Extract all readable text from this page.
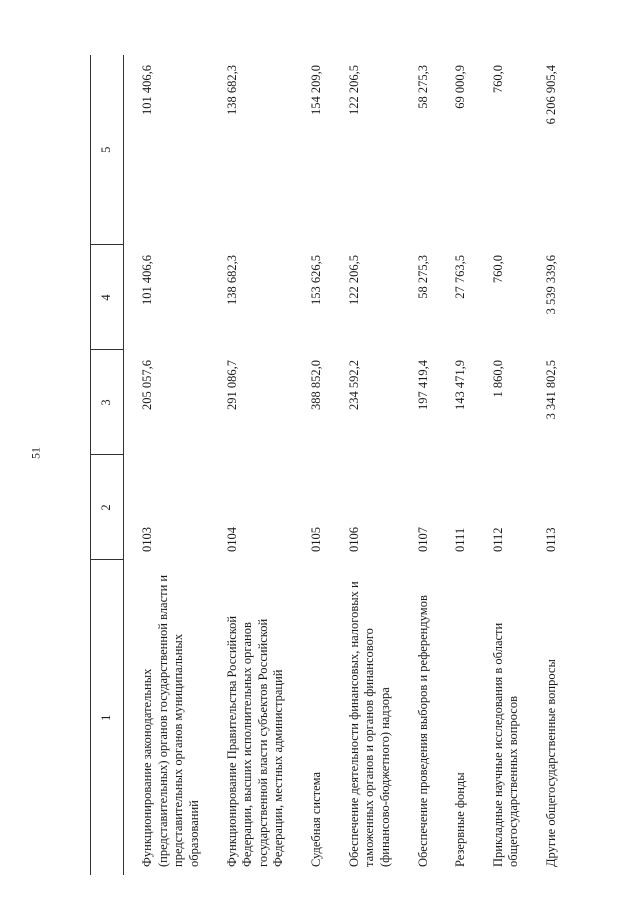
51
1	2	3	4	5
Функционирование законодательных (представительных) органов государственной власти и представительных органов муниципальных образований	0103	205 057,6	101 406,6	101 406,6
Функционирование Правительства Российской Федерации, высших исполнительных органов государственной власти субъектов Российской Федерации, местных администраций	0104	291 086,7	138 682,3	138 682,3
Судебная система	0105	388 852,0	153 626,5	154 209,0
Обеспечение деятельности финансовых, налоговых и таможенных органов и органов финансового (финансово-бюджетного) надзора	0106	234 592,2	122 206,5	122 206,5
Обеспечение проведения выборов и референдумов	0107	197 419,4	58 275,3	58 275,3
Резервные фонды	0111	143 471,9	27 763,5	69 000,9
Прикладные научные исследования в области общегосударственных вопросов	0112	1 860,0	760,0	760,0
Другие общегосударственные вопросы	0113	3 341 802,5	3 539 339,6	6 206 905,4
